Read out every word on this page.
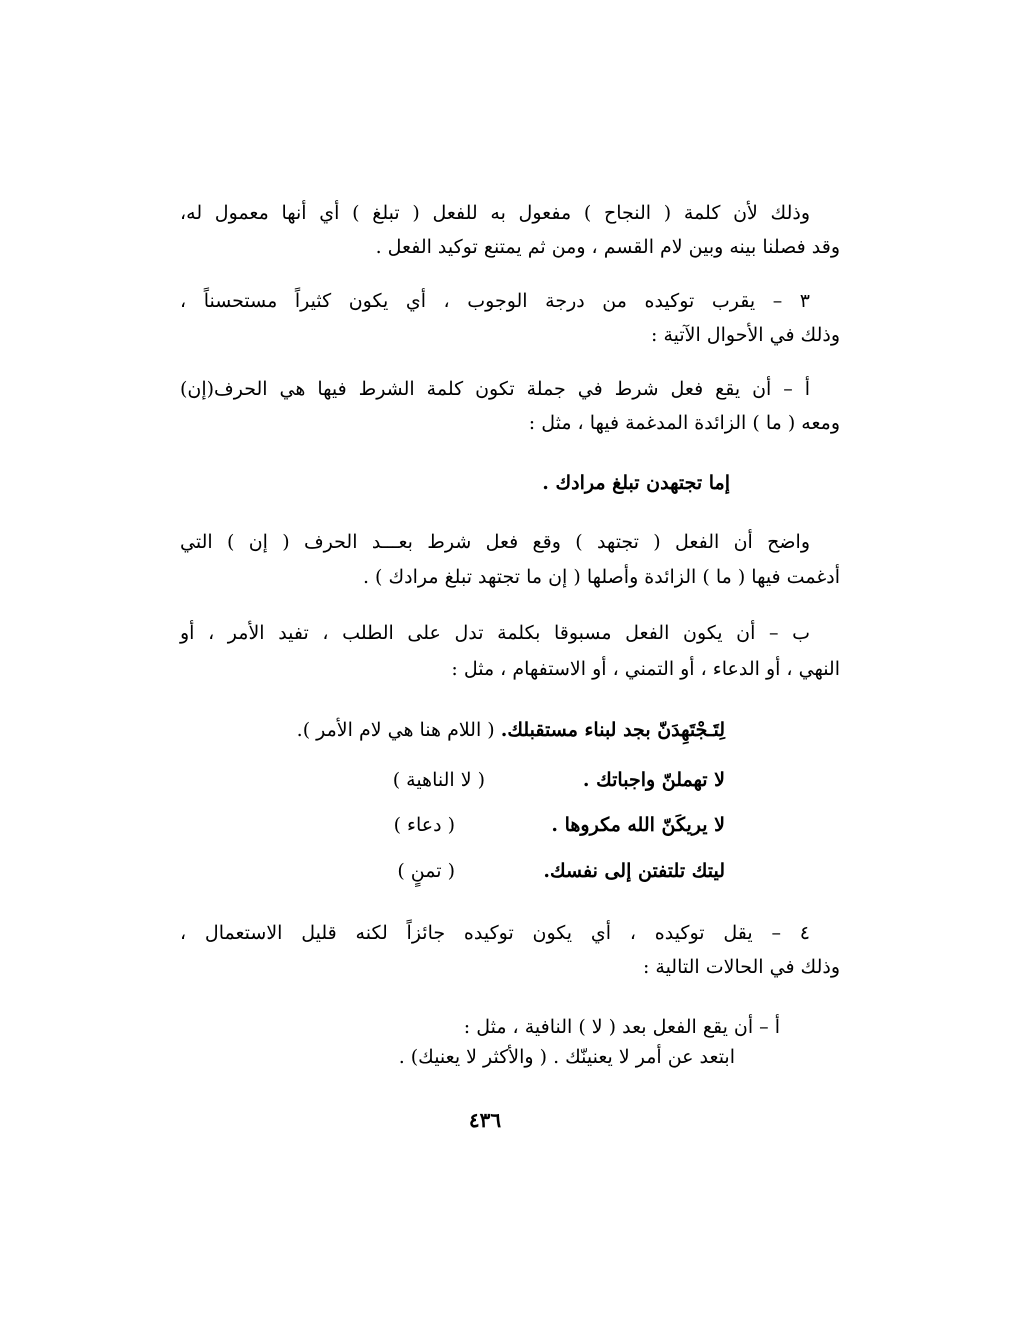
وذلك لأن كلمة ( النجاح ) مفعول به للفعل ( تبلغ ) أي أنها معمول له،
وقد فصلنا بينه وبين لام القسم ، ومن ثم يمتنع توكيد الفعل .
٣ – يقرب توكيده من درجة الوجوب ، أي يكون كثيراً مستحسناً ،
وذلك في الأحوال الآتية :
أ – أن يقع فعل شرط في جملة تكون كلمة الشرط فيها هي الحرف(إن)
ومعه ( ما ) الزائدة المدغمة فيها ، مثل :
إما تجتهدن تبلغ مرادك .
واضح أن الفعل ( تجتهد ) وقع فعل شرط بعـــد الحرف ( إن ) التي
أدغمت فيها ( ما ) الزائدة وأصلها ( إن ما تجتهد تبلغ مرادك ) .
ب – أن يكون الفعل مسبوقا بكلمة تدل على الطلب ، تفيد الأمر ، أو
النهي ، أو الدعاء ، أو التمني ، أو الاستفهام ، مثل :
لِتَـجْتَهِدَنّ بجد لبناء مستقبلك. ( اللام هنا هي لام الأمر ).
لا تهملنّ واجباتك .
( لا الناهية )
لا يريكَنّ الله مكروها .
( دعاء )
ليتك تلتفتن إلى نفسك.
( تمنٍ )
٤ – يقل توكيده ، أي يكون توكيده جائزاً لكنه قليل الاستعمال ،
وذلك في الحالات التالية :
أ – أن يقع الفعل بعد ( لا ) النافية ، مثل :
ابتعد عن أمر لا يعنينّك . ( والأكثر لا يعنيك) .
٤٣٦
